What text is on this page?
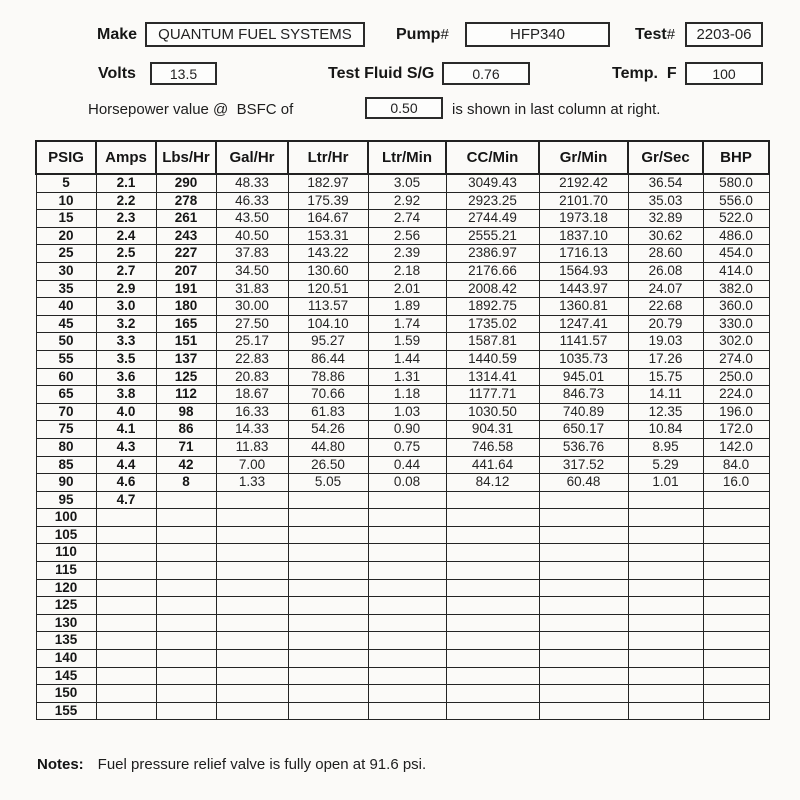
Make QUANTUM FUEL SYSTEMS	Pump#	HFP340	Test# 2203-06
Volts 13.5	Test Fluid S/G	0.76	Temp.  F	100
Horsepower value @  BSFC of	0.50 is shown in last column at right.
PSIG	Amps	Lbs/Hr	Gal/Hr	Ltr/Hr	Ltr/Min	CC/Min	Gr/Min	Gr/Sec	BHP
5	2.1	290	48.33	182.97	3.05	3049.43	2192.42	36.54	580.0
10	2.2	278	46.33	175.39	2.92	2923.25	2101.70	35.03	556.0
15	2.3	261	43.50	164.67	2.74	2744.49	1973.18	32.89	522.0
20	2.4	243	40.50	153.31	2.56	2555.21	1837.10	30.62	486.0
25	2.5	227	37.83	143.22	2.39	2386.97	1716.13	28.60	454.0
30	2.7	207	34.50	130.60	2.18	2176.66	1564.93	26.08	414.0
35	2.9	191	31.83	120.51	2.01	2008.42	1443.97	24.07	382.0
40	3.0	180	30.00	113.57	1.89	1892.75	1360.81	22.68	360.0
45	3.2	165	27.50	104.10	1.74	1735.02	1247.41	20.79	330.0
50	3.3	151	25.17	95.27	1.59	1587.81	1141.57	19.03	302.0
55	3.5	137	22.83	86.44	1.44	1440.59	1035.73	17.26	274.0
60	3.6	125	20.83	78.86	1.31	1314.41	945.01	15.75	250.0
65	3.8	112	18.67	70.66	1.18	1177.71	846.73	14.11	224.0
70	4.0	98	16.33	61.83	1.03	1030.50	740.89	12.35	196.0
75	4.1	86	14.33	54.26	0.90	904.31	650.17	10.84	172.0
80	4.3	71	11.83	44.80	0.75	746.58	536.76	8.95	142.0
85	4.4	42	7.00	26.50	0.44	441.64	317.52	5.29	84.0
90	4.6	8	1.33	5.05	0.08	84.12	60.48	1.01	16.0
95	4.7								
100									
105									
110									
115									
120									
125									
130									
135									
140									
145									
150									
155									
Notes: Fuel pressure relief valve is fully open at 91.6 psi.
